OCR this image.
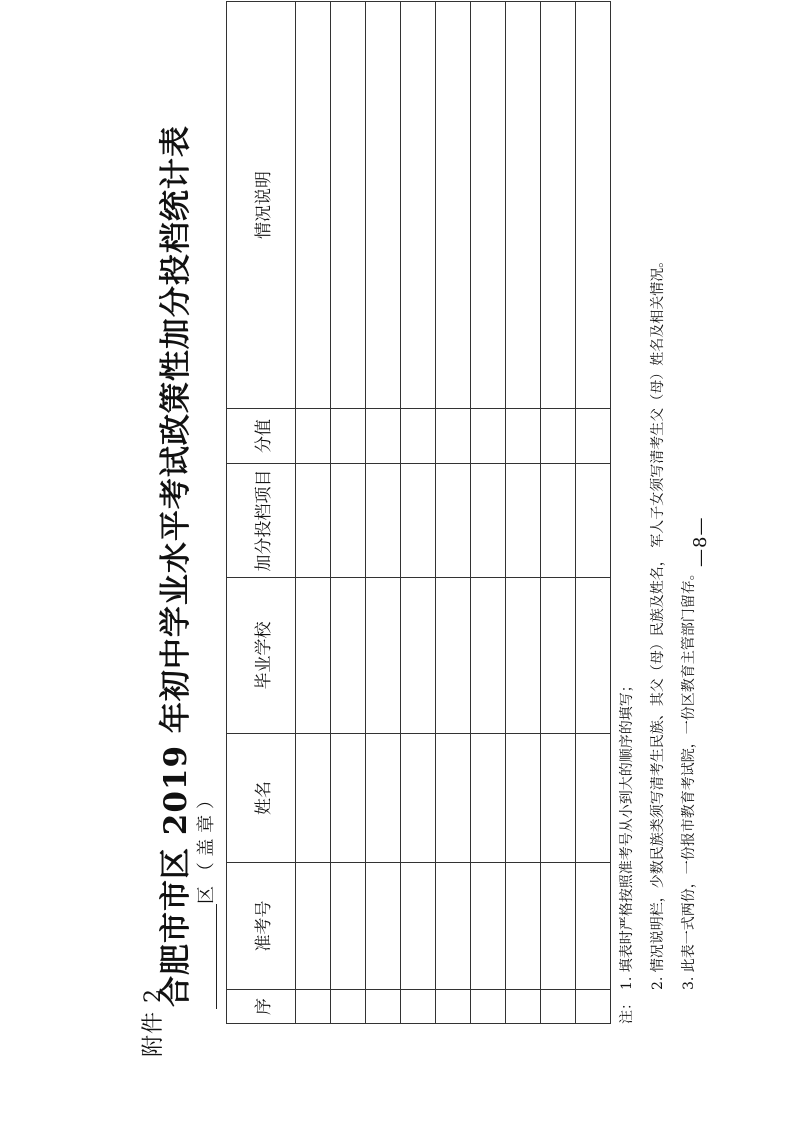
附件 2
合肥市市区 2019 年初中学业水平考试政策性加分投档统计表 区 （ 盖 章 ）
序	准考号	姓名	毕业学校	加分投档项目	分值	情况说明

注：1. 填表时严格按照准考号从小到大的顺序的填写；	2. 情况说明栏，少数民族类须写清考生民族、其父（母）民族及姓名， 军人子女须写清考生父（母）姓名及相关情况。	3. 此表一式两份，一份报市教育考试院，一份区教育主管部门留存。
—8—
